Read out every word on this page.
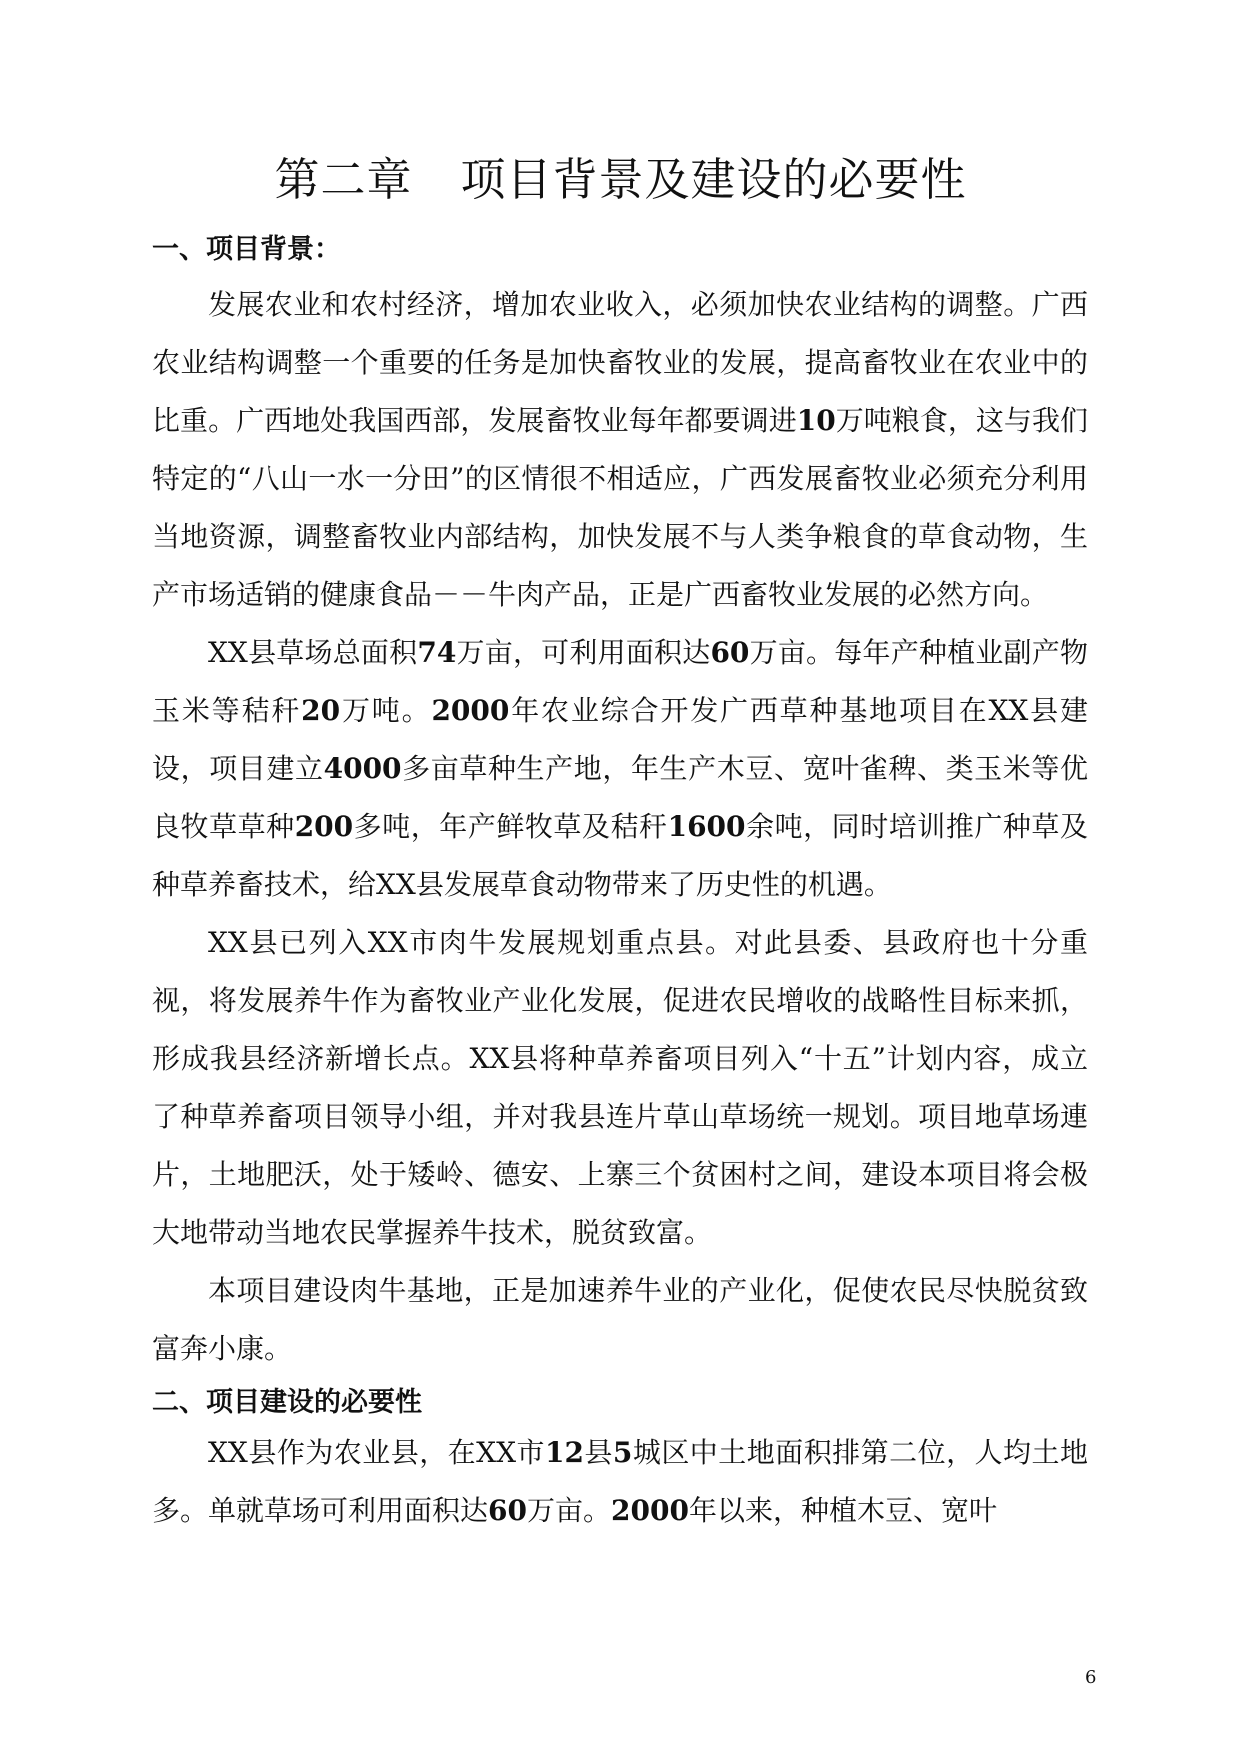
第二章 项目背景及建设的必要性
一、项目背景：

发展农业和农村经济，增加农业收入，必须加快农业结构的调整。广西农业结构调整一个重要的任务是加快畜牧业的发展，提高畜牧业在农业中的比重。广西地处我国西部，发展畜牧业每年都要调进10万吨粮食，这与我们特定的“八山一水一分田”的区情很不相适应，广西发展畜牧业必须充分利用当地资源，调整畜牧业内部结构，加快发展不与人类争粮食的草食动物，生产市场适销的健康食品－－牛肉产品，正是广西畜牧业发展的必然方向。

XX县草场总面积74万亩，可利用面积达60万亩。每年产种植业副产物玉米等秸秆20万吨。2000年农业综合开发广西草种基地项目在XX县建设，项目建立4000多亩草种生产地，年生产木豆、宽叶雀稗、类玉米等优良牧草草种200多吨，年产鲜牧草及秸秆1600余吨，同时培训推广种草及种草养畜技术，给XX县发展草食动物带来了历史性的机遇。

XX县已列入XX市肉牛发展规划重点县。对此县委、县政府也十分重视，将发展养牛作为畜牧业产业化发展，促进农民增收的战略性目标来抓，形成我县经济新增长点。XX县将种草养畜项目列入“十五”计划内容，成立了种草养畜项目领导小组，并对我县连片草山草场统一规划。项目地草场連片，土地肥沃，处于矮岭、德安、上寨三个贫困村之间，建设本项目将会极大地带动当地农民掌握养牛技术，脱贫致富。

本项目建设肉牛基地，正是加速养牛业的产业化，促使农民尽快脱贫致富奔小康。

二、项目建设的必要性

XX县作为农业县，在XX市12县5城区中土地面积排第二位，人均土地多。单就草场可利用面积达60万亩。2000年以来，种植木豆、宽叶

6
